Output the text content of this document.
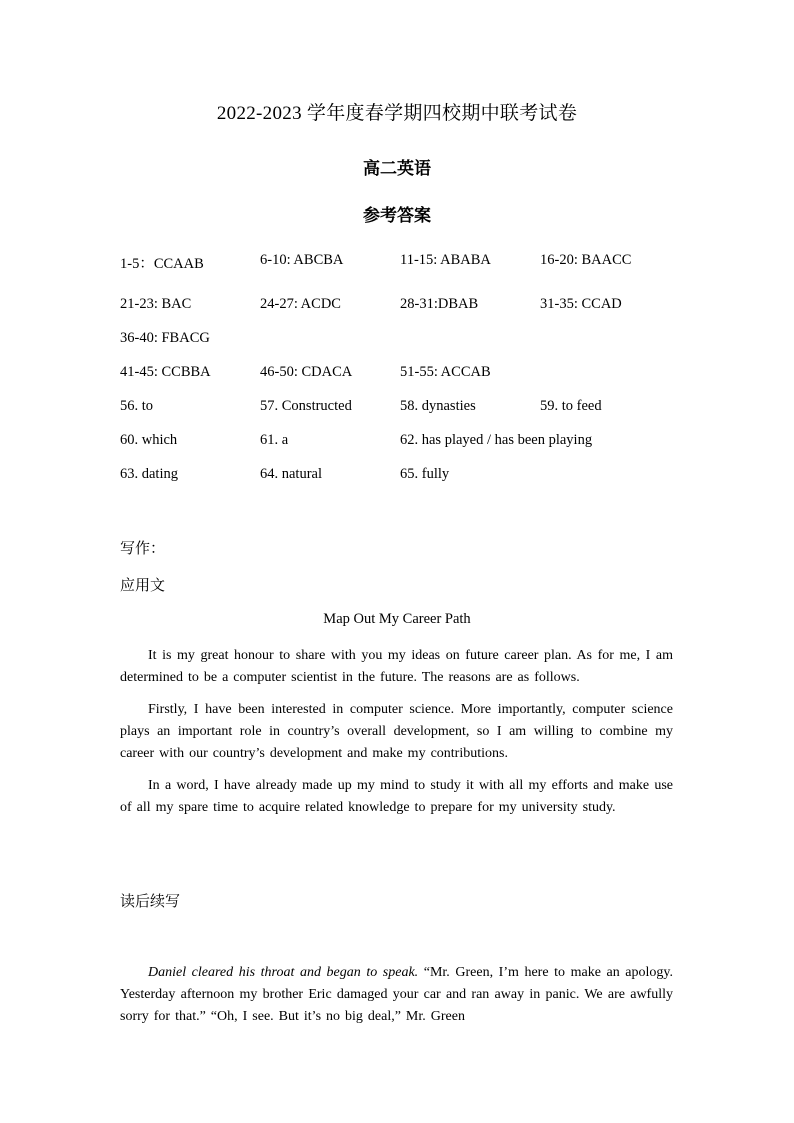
2022-2023 学年度春学期四校期中联考试卷
高二英语
参考答案
1-5：CCAAB	6-10: ABCBA	11-15: ABABA	16-20: BAACC
21-23: BAC	24-27: ACDC	28-31:DBAB	31-35: CCAD
36-40: FBACG
41-45: CCBBA	46-50: CDACA	51-55: ACCAB
56. to	57. Constructed	58. dynasties	59. to feed
60. which	61. a	62. has played / has been playing
63. dating	64. natural	65. fully
写作：
应用文
Map Out My Career Path

It is my great honour to share with you my ideas on future career plan. As for me, I am determined to be a computer scientist in the future. The reasons are as follows.

Firstly, I have been interested in computer science. More importantly, computer science plays an important role in country’s overall development, so I am willing to combine my career with our country’s development and make my contributions.

In a word, I have already made up my mind to study it with all my efforts and make use of all my spare time to acquire related knowledge to prepare for my university study.

读后续写

Daniel cleared his throat and began to speak. “Mr. Green, I’m here to make an apology. Yesterday afternoon my brother Eric damaged your car and ran away in panic. We are awfully sorry for that.” “Oh, I see. But it’s no big deal,” Mr. Green
